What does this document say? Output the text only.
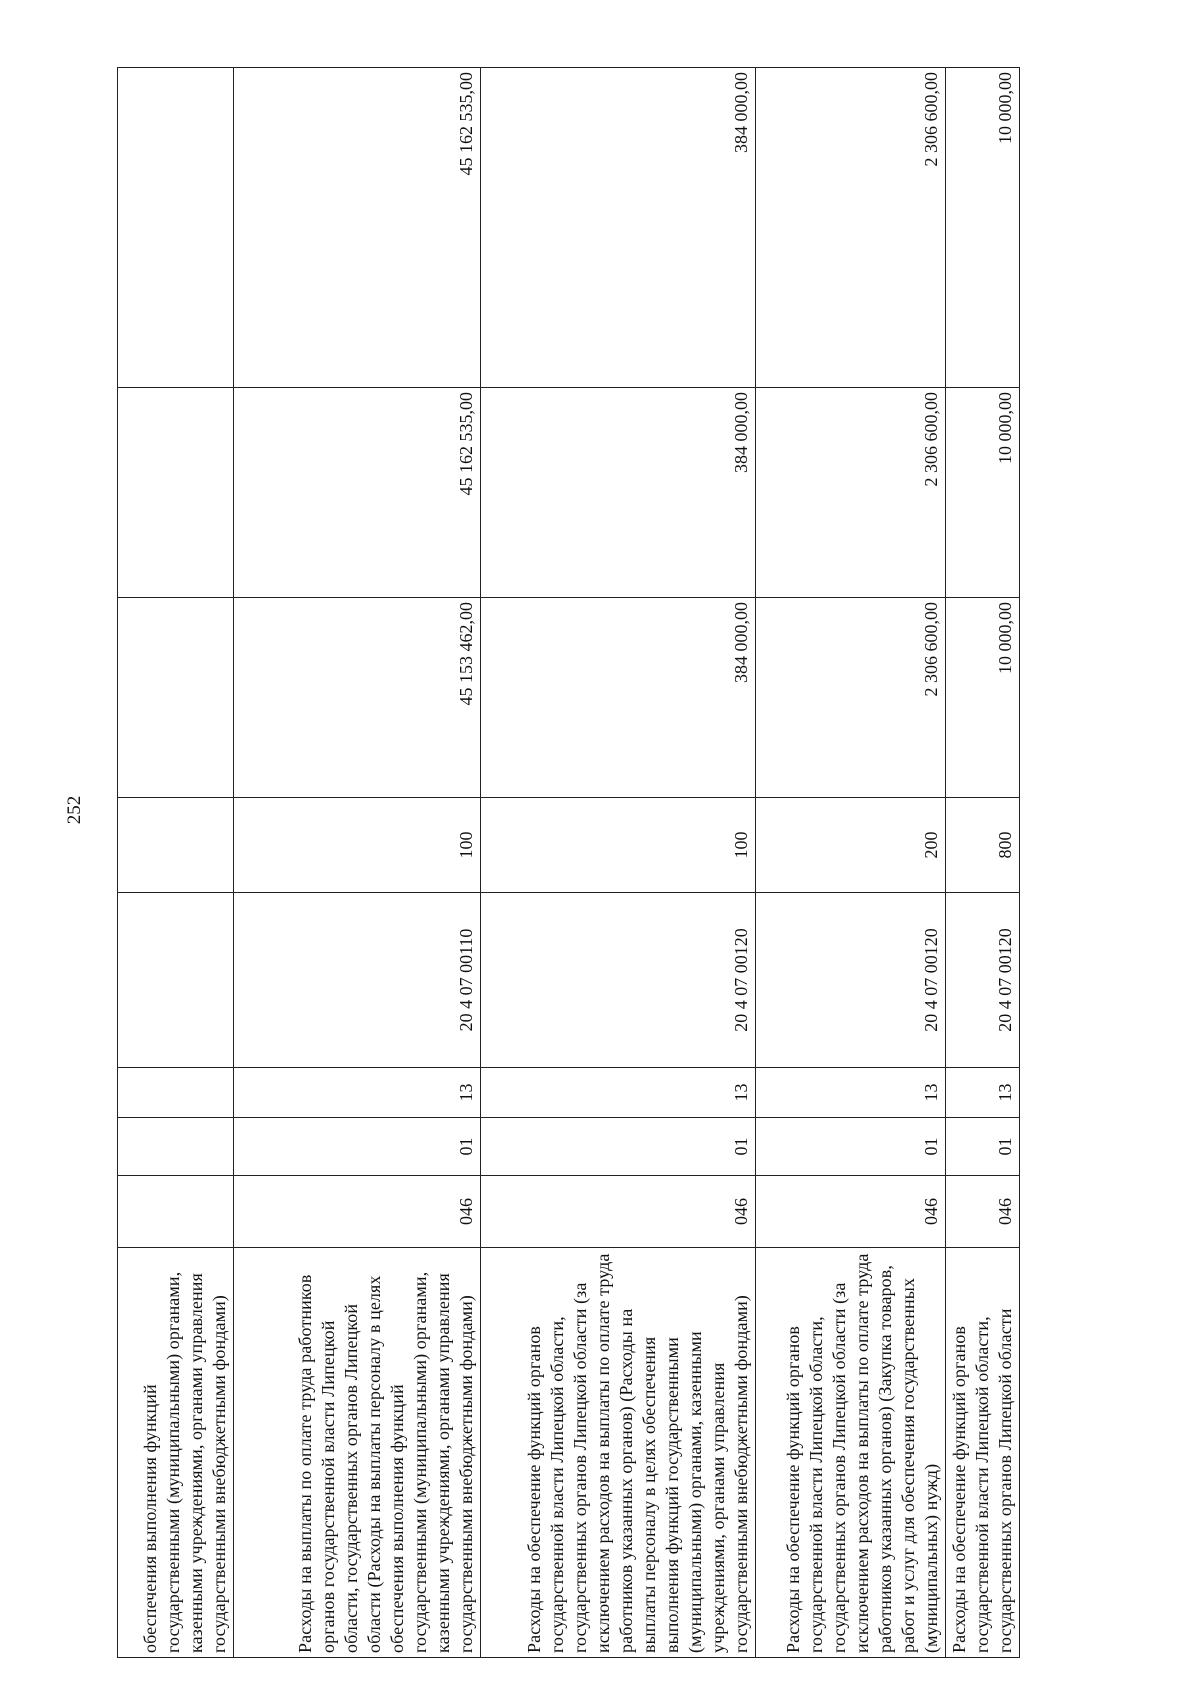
252
обеспечения выполнения функций государственными (муниципальными) органами, казенными учреждениями, органами управления государственными внебюджетными фондами)								
Расходы на выплаты по оплате труда работников органов государственной власти Липецкой области, государственных органов Липецкой области (Расходы на выплаты персоналу в целях обеспечения выполнения функций государственными (муниципальными) органами, казенными учреждениями, органами управления государственными внебюджетными фондами)	046	01	13	20 4 07 00110	100	45 153 462,00	45 162 535,00	45 162 535,00
Расходы на обеспечение функций органов государственной власти Липецкой области, государственных органов Липецкой области (за исключением расходов на выплаты по оплате труда работников указанных органов) (Расходы на выплаты персоналу в целях обеспечения выполнения функций государственными (муниципальными) органами, казенными учреждениями, органами управления государственными внебюджетными фондами)	046	01	13	20 4 07 00120	100	384 000,00	384 000,00	384 000,00
Расходы на обеспечение функций органов государственной власти Липецкой области, государственных органов Липецкой области (за исключением расходов на выплаты по оплате труда работников указанных органов) (Закупка товаров, работ и услуг для обеспечения государственных (муниципальных) нужд)	046	01	13	20 4 07 00120	200	2 306 600,00	2 306 600,00	2 306 600,00
Расходы на обеспечение функций органов государственной власти Липецкой области, государственных органов Липецкой области	046	01	13	20 4 07 00120	800	10 000,00	10 000,00	10 000,00
